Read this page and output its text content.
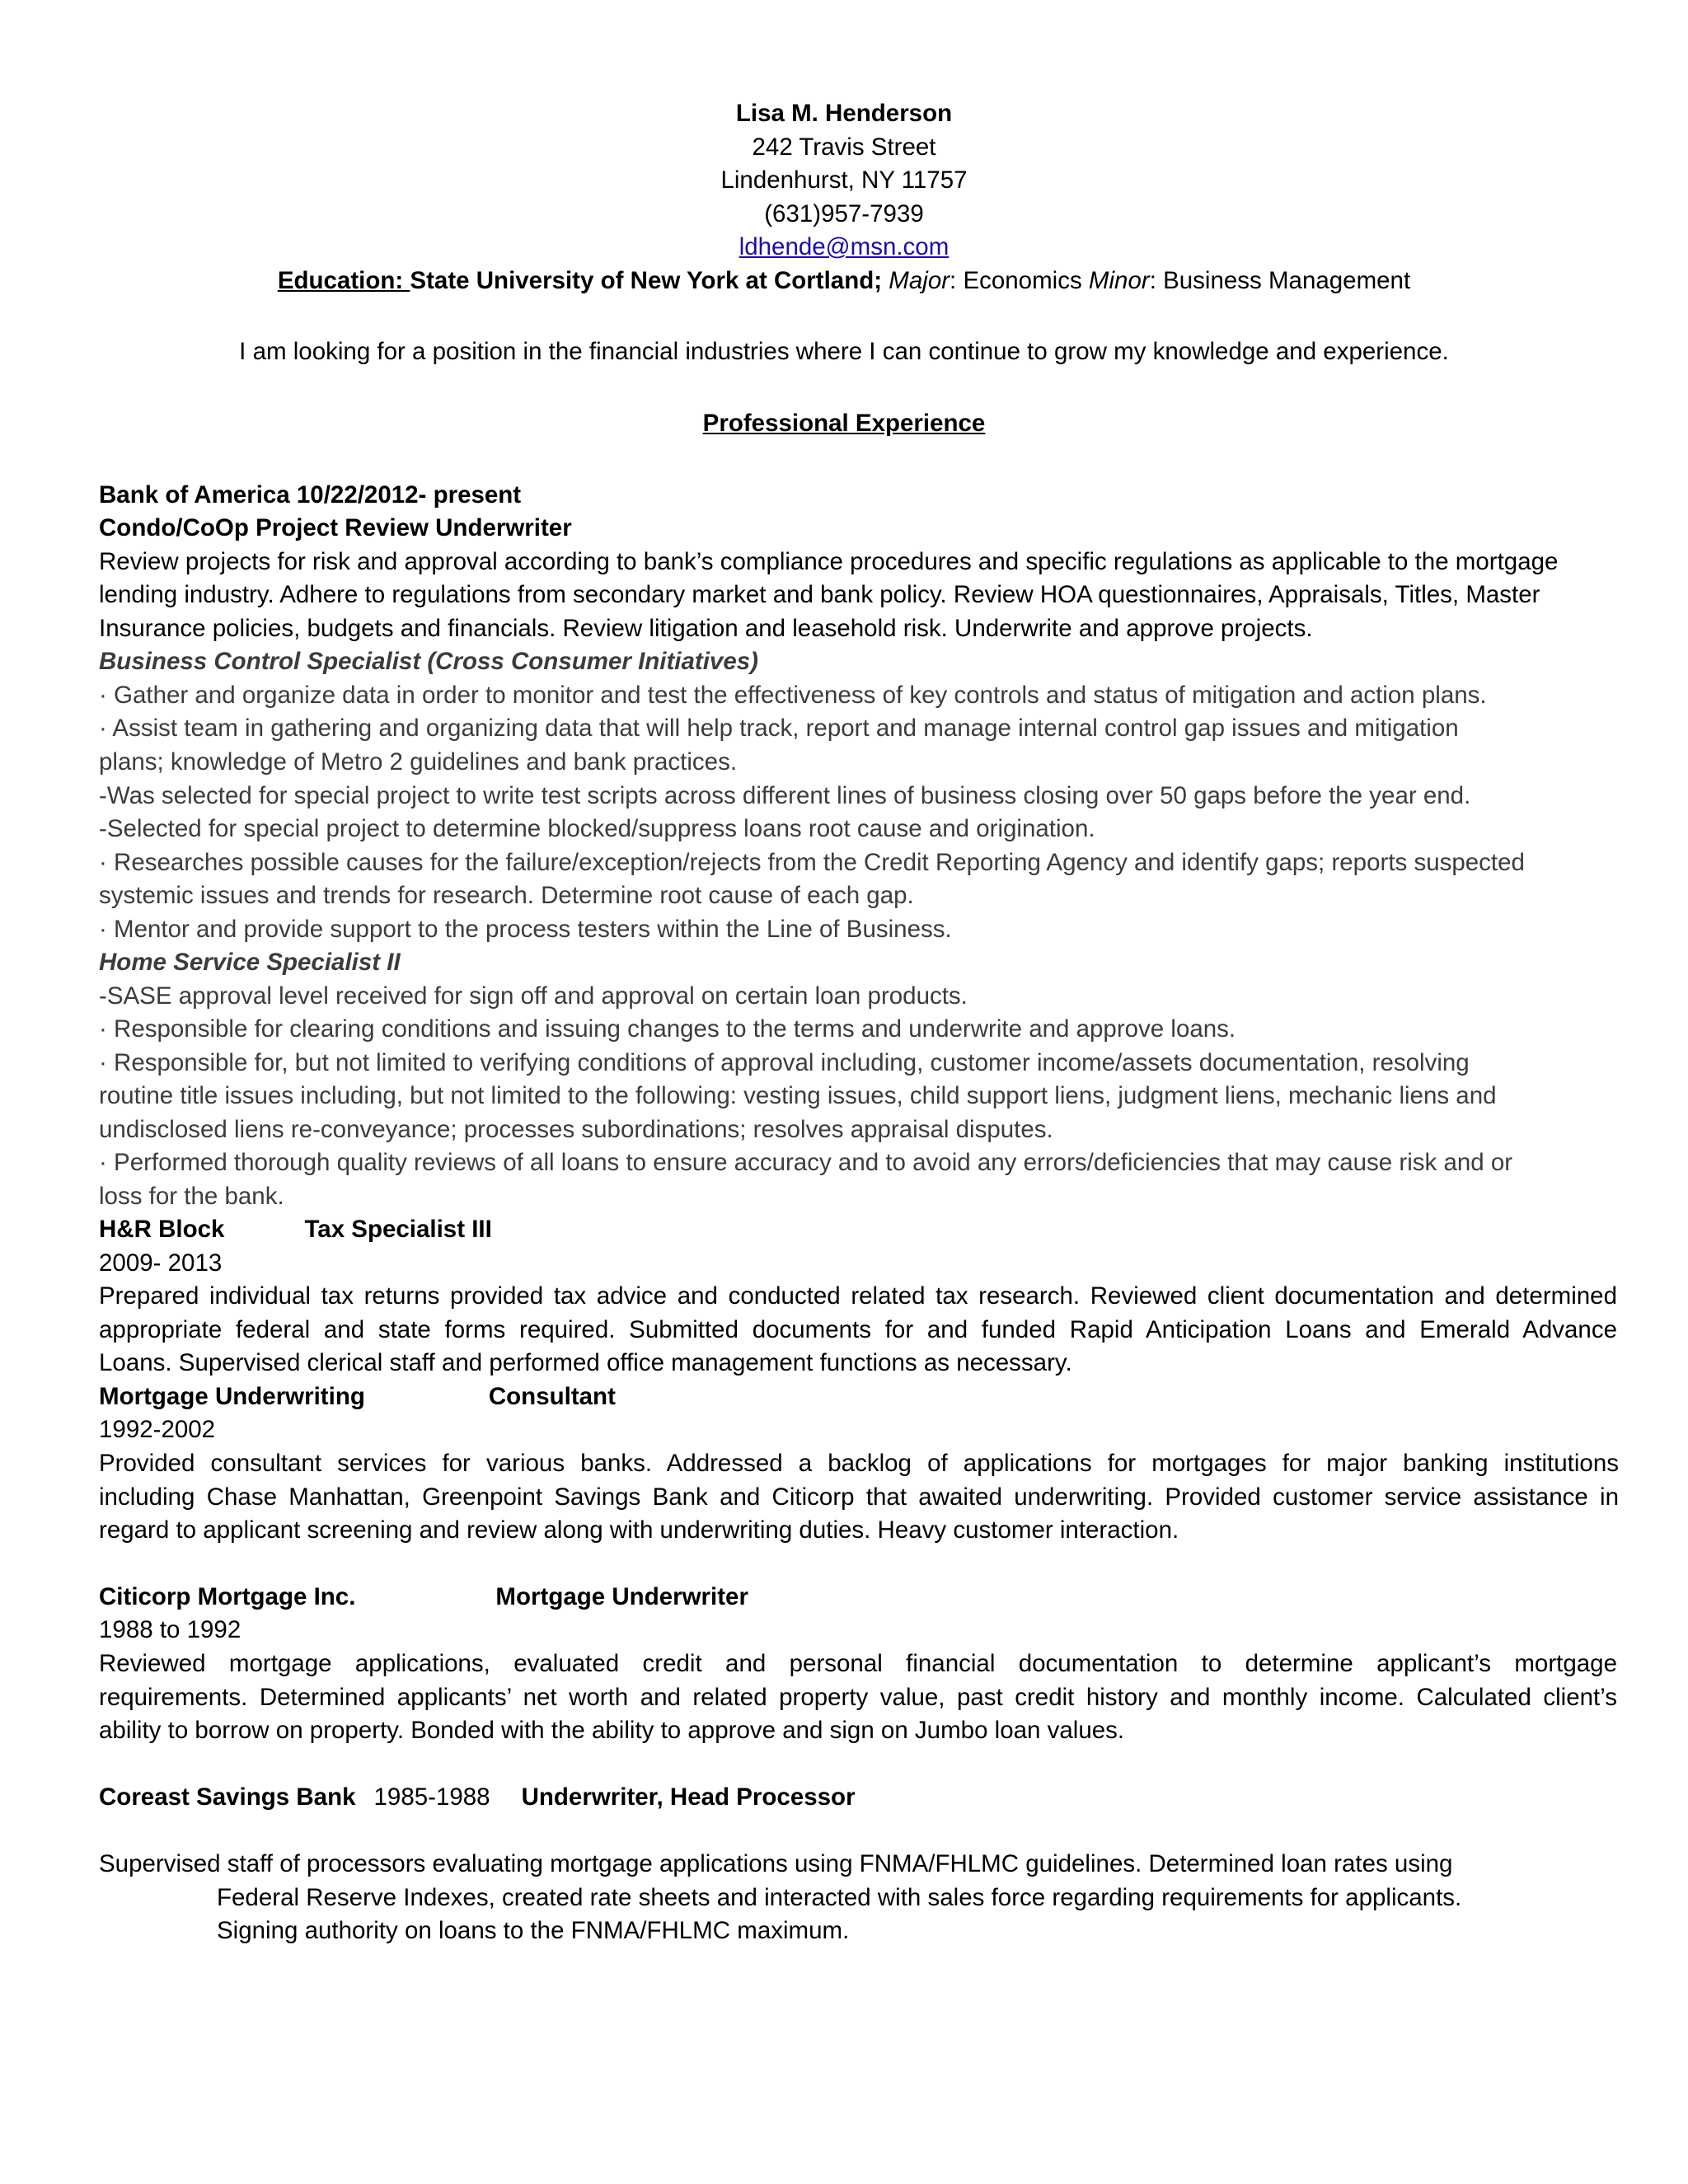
Lisa M. Henderson
242 Travis Street
Lindenhurst, NY 11757
(631)957-7939
ldhende@msn.com
Education: State University of New York at Cortland; Major: Economics Minor: Business Management
I am looking for a position in the financial industries where I can continue to grow my knowledge and experience.
Professional Experience
Bank of America 10/22/2012- present
Condo/CoOp Project Review Underwriter
Review projects for risk and approval according to bank’s compliance procedures and specific regulations as applicable to the mortgage
lending industry. Adhere to regulations from secondary market and bank policy. Review HOA questionnaires, Appraisals, Titles, Master
Insurance policies, budgets and financials. Review litigation and leasehold risk. Underwrite and approve projects.
Business Control Specialist (Cross Consumer Initiatives)
· Gather and organize data in order to monitor and test the effectiveness of key controls and status of mitigation and action plans.
· Assist team in gathering and organizing data that will help track, report and manage internal control gap issues and mitigation
plans; knowledge of Metro 2 guidelines and bank practices.
-Was selected for special project to write test scripts across different lines of business closing over 50 gaps before the year end.
-Selected for special project to determine blocked/suppress loans root cause and origination.
· Researches possible causes for the failure/exception/rejects from the Credit Reporting Agency and identify gaps; reports suspected
systemic issues and trends for research. Determine root cause of each gap.
· Mentor and provide support to the process testers within the Line of Business.
Home Service Specialist II
-SASE approval level received for sign off and approval on certain loan products.
· Responsible for clearing conditions and issuing changes to the terms and underwrite and approve loans.
· Responsible for, but not limited to verifying conditions of approval including, customer income/assets documentation, resolving
routine title issues including, but not limited to the following: vesting issues, child support liens, judgment liens, mechanic liens and
undisclosed liens re-conveyance; processes subordinations; resolves appraisal disputes.
· Performed thorough quality reviews of all loans to ensure accuracy and to avoid any errors/deficiencies that may cause risk and or
loss for the bank.
H&R Block	Tax Specialist III
2009- 2013
Prepared individual tax returns provided tax advice and conducted related tax research. Reviewed client documentation and determined
appropriate federal and state forms required. Submitted documents for and funded Rapid Anticipation Loans and Emerald Advance
Loans. Supervised clerical staff and performed office management functions as necessary.
Mortgage Underwriting	Consultant
1992-2002
Provided consultant services for various banks. Addressed a backlog of applications for mortgages for major banking institutions
including Chase Manhattan, Greenpoint Savings Bank and Citicorp that awaited underwriting. Provided customer service assistance in
regard to applicant screening and review along with underwriting duties. Heavy customer interaction.
Citicorp Mortgage Inc.	Mortgage Underwriter
1988 to 1992
Reviewed mortgage applications, evaluated credit and personal financial documentation to determine applicant’s mortgage
requirements. Determined applicants’ net worth and related property value, past credit history and monthly income. Calculated client’s
ability to borrow on property. Bonded with the ability to approve and sign on Jumbo loan values.
Coreast Savings Bank 1985-1988 Underwriter, Head Processor
Supervised staff of processors evaluating mortgage applications using FNMA/FHLMC guidelines. Determined loan rates using
Federal Reserve Indexes, created rate sheets and interacted with sales force regarding requirements for applicants.
Signing authority on loans to the FNMA/FHLMC maximum.
